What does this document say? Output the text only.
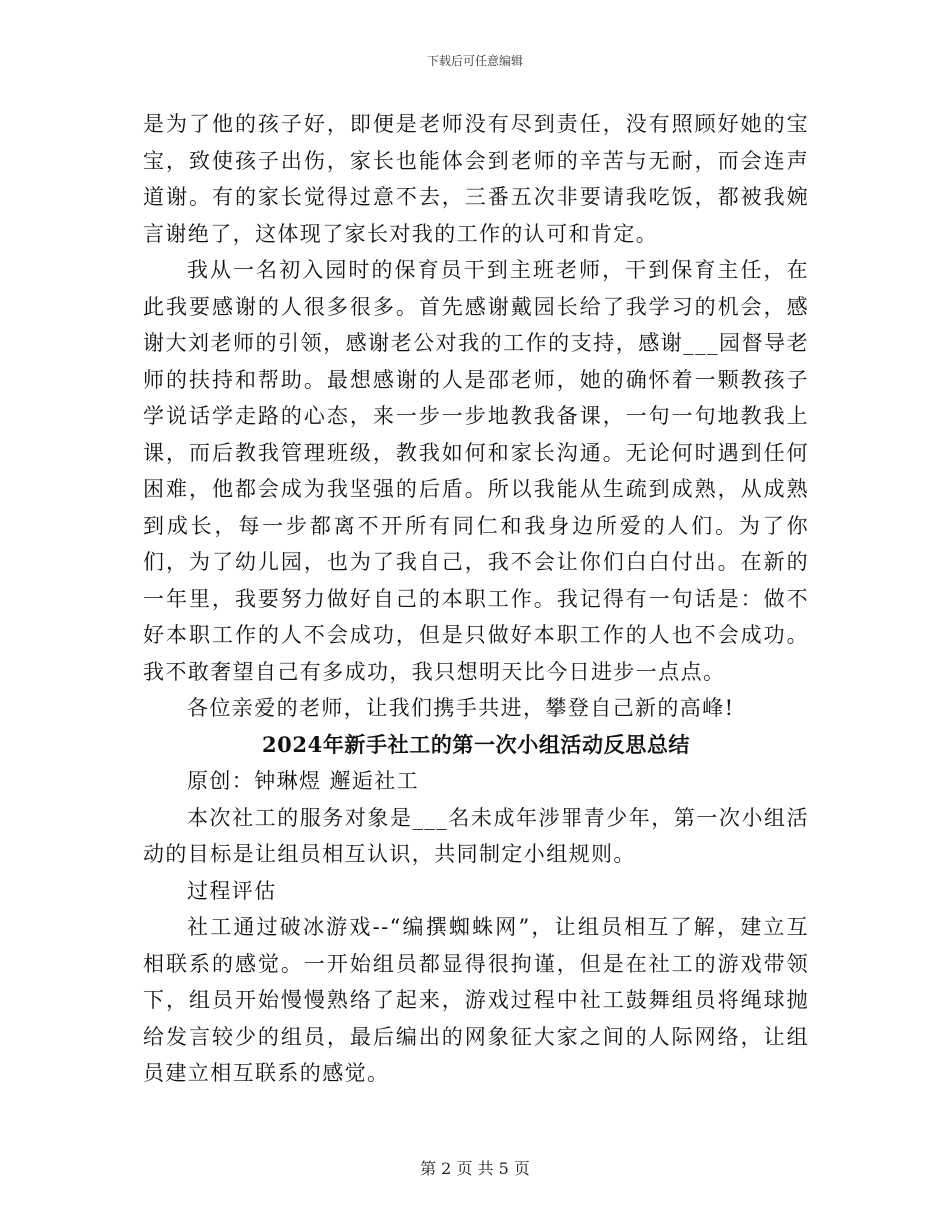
下载后可任意编辑

是为了他的孩子好，即便是老师没有尽到责任，没有照顾好她的宝宝，致使孩子出伤，家长也能体会到老师的辛苦与无耐，而会连声道谢。有的家长觉得过意不去，三番五次非要请我吃饭，都被我婉言谢绝了，这体现了家长对我的工作的认可和肯定。

我从一名初入园时的保育员干到主班老师，干到保育主任，在此我要感谢的人很多很多。首先感谢戴园长给了我学习的机会，感谢大刘老师的引领，感谢老公对我的工作的支持，感谢___园督导老师的扶持和帮助。最想感谢的人是邵老师，她的确怀着一颗教孩子学说话学走路的心态，来一步一步地教我备课，一句一句地教我上课，而后教我管理班级，教我如何和家长沟通。无论何时遇到任何困难，他都会成为我坚强的后盾。所以我能从生疏到成熟，从成熟到成长，每一步都离不开所有同仁和我身边所爱的人们。为了你们，为了幼儿园，也为了我自己，我不会让你们白白付出。在新的一年里，我要努力做好自己的本职工作。我记得有一句话是：做不好本职工作的人不会成功，但是只做好本职工作的人也不会成功。我不敢奢望自己有多成功，我只想明天比今日进步一点点。

各位亲爱的老师，让我们携手共进，攀登自己新的高峰!

2024年新手社工的第一次小组活动反思总结

原创：钟琳煜 邂逅社工

本次社工的服务对象是___名未成年涉罪青少年，第一次小组活动的目标是让组员相互认识，共同制定小组规则。

过程评估

社工通过破冰游戏--“编撰蜘蛛网”，让组员相互了解，建立互相联系的感觉。一开始组员都显得很拘谨，但是在社工的游戏带领下，组员开始慢慢熟络了起来，游戏过程中社工鼓舞组员将绳球抛给发言较少的组员，最后编出的网象征大家之间的人际网络，让组员建立相互联系的感觉。

第 2 页 共 5 页
